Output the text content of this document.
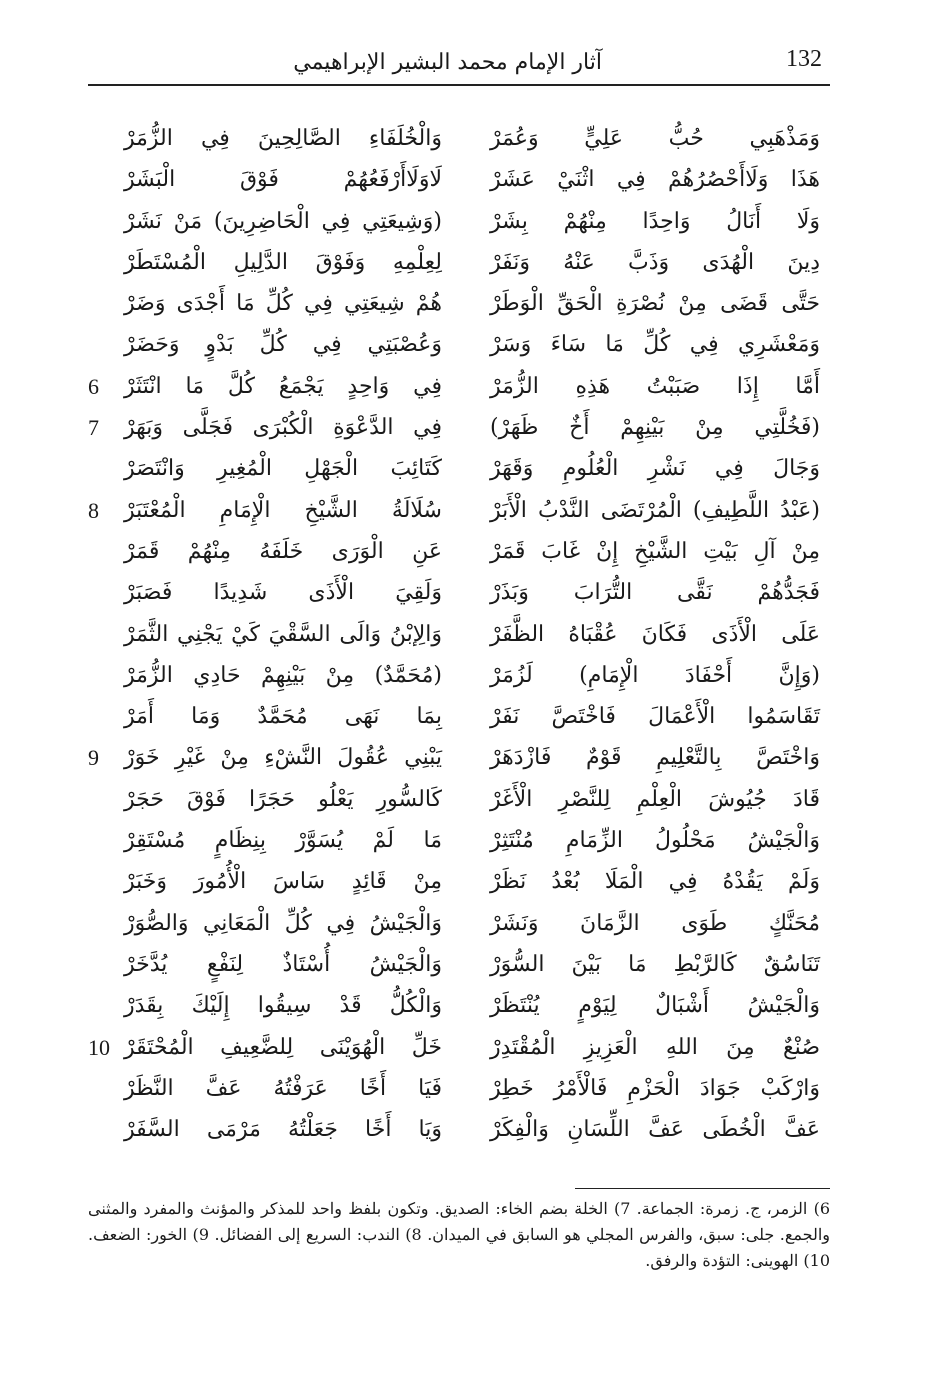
132
آثار الإمام محمد البشير الإبراهيمي
وَمَذْهَبِي حُبُّ عَلِيٍّ وَعُمَرْ
وَالْخُلَفَاءِ الصَّالِحِينَ فِي الزُّمَرْ
هَذَا وَلَاأَحْصُرُهُمْ فِي اثْنَيْ عَشَرْ
لَاوَلَاأَرْفَعُهُمْ فَوْقَ الْبَشَرْ
وَلَا أَنَالُ وَاحِدًا مِنْهُمْ بِشَرْ
(وَشِيعَتِي فِي الْحَاضِرِينَ) مَنْ نَشَرْ
دِينَ الْهُدَى وَذَبَّ عَنْهُ وَنَفَرْ
لِعِلْمِهِ وَفَوْقَ الدَّلِيلِ الْمُسْتَطَرْ
حَتَّى قَضَى مِنْ نُصْرَةِ الْحَقِّ الْوَطَرْ
هُمْ شِيعَتِي فِي كُلِّ مَا أَجْدَى وَضَرْ
وَمَعْشَرِي فِي كُلِّ مَا سَاءَ وَسَرْ
وَعُصْبَتِي فِي كُلِّ بَدْوٍ وَحَضَرْ
أَمَّا إِذَا صَبَبْتُ هَذِهِ الزُّمَرْ
فِي وَاحِدٍ يَجْمَعُ كُلَّ مَا انْتَثَرْ
6
(فَخُلَّتِي مِنْ بَيْنِهِمْ أَخٌ ظَهَرْ)
فِي الدَّعْوَةِ الْكُبْرَى فَجَلَّى وَبَهَرْ
7
وَجَالَ فِي نَشْرِ الْعُلُومِ وَقَهَرْ
كَتَائِبَ الْجَهْلِ الْمُغِيرِ وَانْتَصَرْ
(عَبْدُ اللَّطِيفِ) الْمُرْتَضَى النَّدْبُ الْأَبَرْ
سُلَالَةُ الشَّيْخِ الْإِمَامِ الْمُعْتَبَرْ
8
مِنْ آلِ بَيْتِ الشَّيْخِ إِنْ غَابَ قَمَرْ
عَنِ الْوَرَى خَلَفَهُ مِنْهُمْ قَمَرْ
فَجَدُّهُمْ نَقَّى التُّرَابَ وَبَذَرْ
وَلَقِيَ الْأَذَى شَدِيدًا فَصَبَرْ
عَلَى الْأَذَى فَكَانَ عُقْبَاهُ الظَّفَرْ
وَالِإبْنُ وَالَى السَّقْيَ كَيْ يَجْنِي الثَّمَرْ
(وَإِنَّ أَحْفَادَ الْإِمَامِ) لَزُمَرْ
(مُحَمَّدٌ) مِنْ بَيْنِهِمْ حَادِي الزُّمَرْ
تَقَاسَمُوا الْأَعْمَالَ فَاخْتَصَّ نَفَرْ
بِمَا نَهَى مُحَمَّدٌ وَمَا أَمَرْ
وَاخْتَصَّ بِالتَّعْلِيمِ قَوْمٌ فَازْدَهَرْ
يَبْنِي عُقُولَ النَّشْءِ مِنْ غَيْرِ خَوَرْ
9
قَادَ جُيُوشَ الْعِلْمِ لِلنَّصْرِ الْأَغَرْ
كَالسُّورِ يَعْلُو حَجَرًا فَوْقَ حَجَرْ
وَالْجَيْشُ مَحْلُولُ الزِّمَامِ مُنْتَثِرْ
مَا لَمْ يُسَوَّرْ بِنِظَامٍ مُسْتَقِرْ
وَلَمْ يَقُدْهُ فِي الْمَلَا بُعْدُ نَظَرْ
مِنْ قَائِدٍ سَاسَ الْأُمُورَ وَخَبَرْ
مُحَنَّكٍ طَوَى الزَّمَانَ وَنَشَرْ
وَالْجَيْشُ فِي كُلِّ الْمَعَانِي وَالصُّوَرْ
تَنَاسُقٌ كَالرَّبْطِ مَا بَيْنَ السُّوَرْ
وَالْجَيْشُ أُسْتَاذٌ لِنَفْعٍ يُدَّخَرْ
وَالْجَيْشُ أَشْبَالٌ لِيَوْمٍ يُنْتَظَرْ
وَالْكُلُّ قَدْ سِيقُوا إِلَيْكَ بِقَدَرْ
صُنْعٌ مِنَ اللهِ الْعَزِيزِ الْمُقْتَدِرْ
خَلِّ الْهُوَيْنَى لِلضَّعِيفِ الْمُحْتَقَرْ
10
وَارْكَبْ جَوَادَ الْحَزْمِ فَالْأَمْرُ خَطِرْ
فَيَا أَخًا عَرَفْتُهُ عَفَّ النَّظَرْ
عَفَّ الْخُطَى عَفَّ اللِّسَانِ وَالْفِكَرْ
وَيَا أَخًا جَعَلْتُهُ مَرْمَى السَّفَرْ
6) الزمر، ج. زمرة: الجماعة. 7) الخلة بضم الخاء: الصديق. وتكون بلفظ واحد للمذكر والمؤنث والمفرد والمثنى والجمع. جلى: سبق، والفرس المجلي هو السابق في الميدان. 8) الندب: السريع إلى الفضائل. 9) الخور: الضعف. 10) الهوينى: التؤدة والرفق.
